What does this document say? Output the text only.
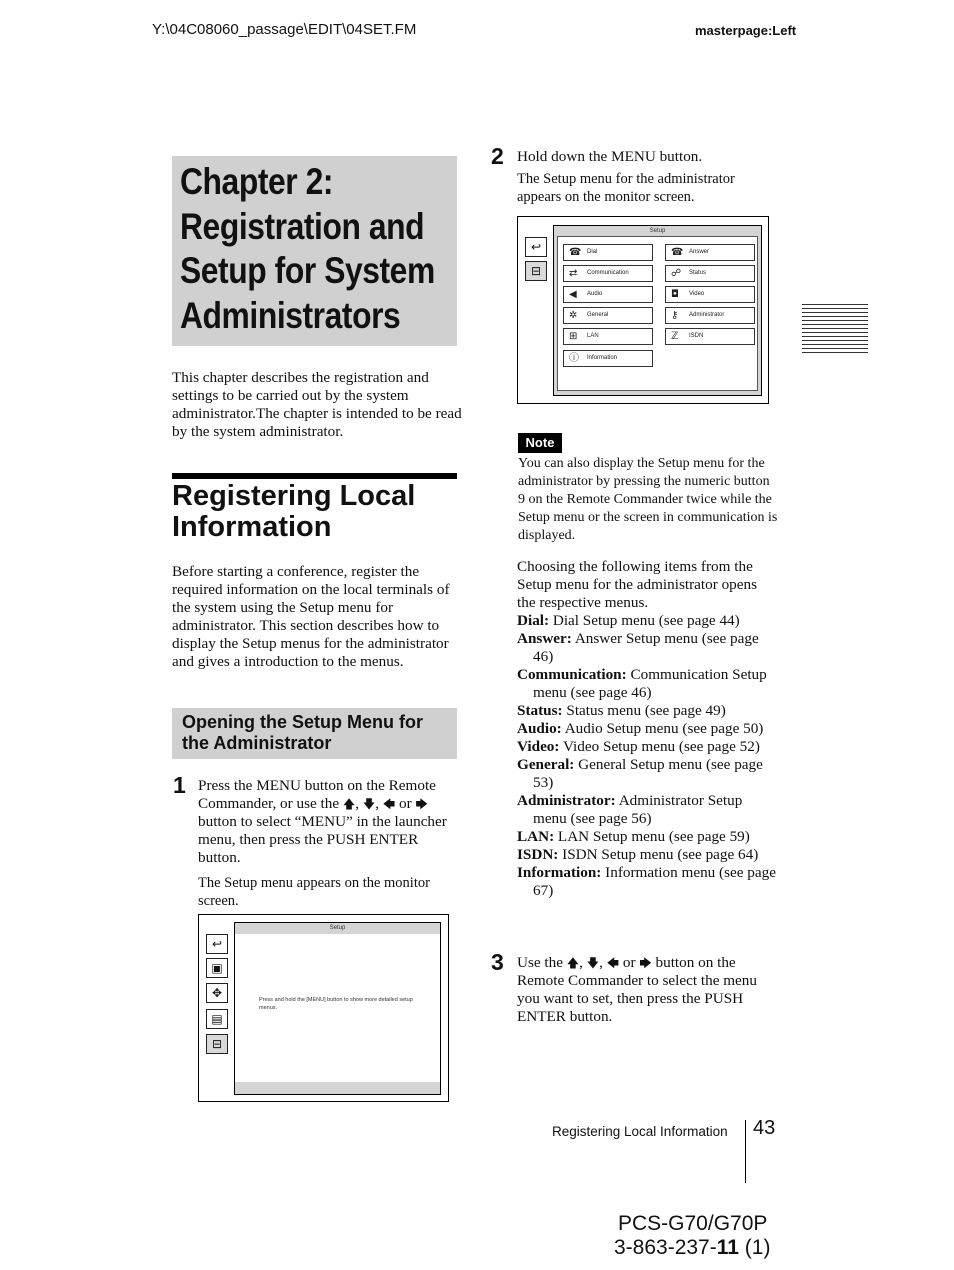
Y:\04C08060_passage\EDIT\04SET.FM	masterpage:Left
Chapter 2:
Registration and
Setup for System
Administrators
This chapter describes the registration and settings to be carried out by the system administrator.The chapter is intended to be read by the system administrator.
Registering Local
Information
Before starting a conference, register the required information on the local terminals of the system using the Setup menu for administrator. This section describes how to display the Setup menus for the administrator and gives a introduction to the menus.
Opening the Setup Menu for
the Administrator
1 Press the MENU button on the Remote Commander, or use the 🡅, 🡇, 🡄 or 🡆 button to select “MENU” in the launcher menu, then press the PUSH ENTER button.
The Setup menu appears on the monitor screen.
↩
▣
✥
▤
⊟
Setup
Press and hold the [MENU] button to show more detailed setup menus.
2 Hold down the MENU button.
The Setup menu for the administrator appears on the monitor screen.
↩
⊟
Setup
☎ Dial
⇄ Communication
◀ Audio
✲ General
⊞ LAN
ⓘ Information
☎ Answer
☍ Status
◘ Video
⚷ Administrator
ℤ ISDN
Note
You can also display the Setup menu for the administrator by pressing the numeric button 9 on the Remote Commander twice while the Setup menu or the screen in communication is displayed.
Choosing the following items from the Setup menu for the administrator opens the respective menus.
Dial: Dial Setup menu (see page 44)
Answer: Answer Setup menu (see page 46)
Communication: Communication Setup menu (see page 46)
Status: Status menu (see page 49)
Audio: Audio Setup menu (see page 50)
Video: Video Setup menu (see page 52)
General: General Setup menu (see page 53)
Administrator: Administrator Setup menu (see page 56)
LAN: LAN Setup menu (see page 59)
ISDN: ISDN Setup menu (see page 64)
Information: Information menu (see page 67)
3 Use the 🡅, 🡇, 🡄 or 🡆 button on the Remote Commander to select the menu you want to set, then press the PUSH ENTER button.
Registering Local Information 43
PCS-G70/G70P
3-863-237-11 (1)
